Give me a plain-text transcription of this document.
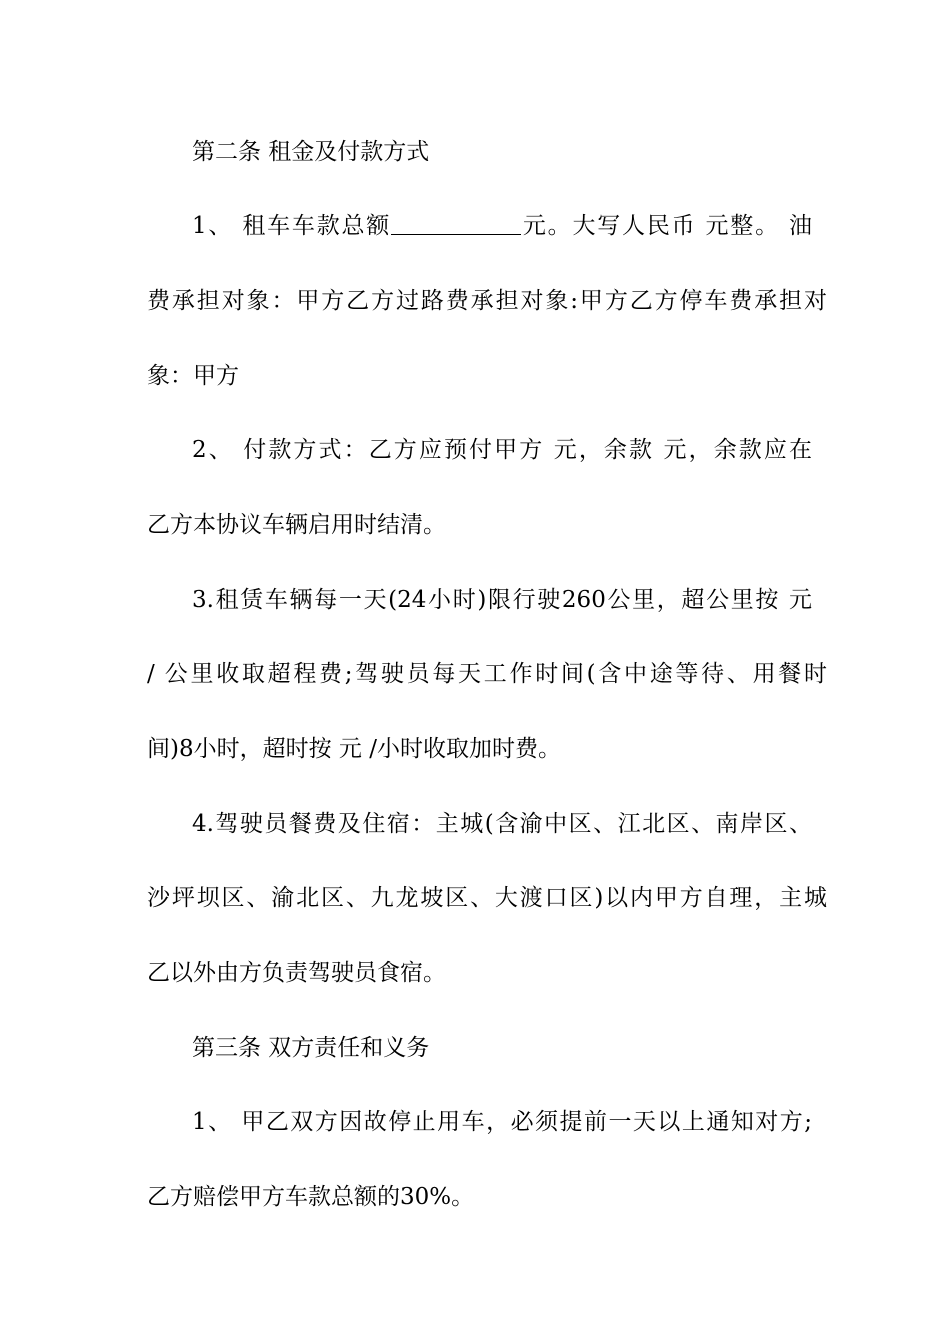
第二条 租金及付款方式
1、 租车车款总额	元。大写人民币 元整。 油
费承担对象：甲方乙方过路费承担对象:甲方乙方停车费承担对
象：甲方
2、 付款方式：乙方应预付甲方 元，余款 元，余款应在
乙方本协议车辆启用时结清。
3.租赁车辆每一天(24小时)限行驶260公里，超公里按 元
/ 公里收取超程费;驾驶员每天工作时间(含中途等待、用餐时
间)8小时，超时按 元 /小时收取加时费。
4.驾驶员餐费及住宿：主城(含渝中区、江北区、南岸区、
沙坪坝区、渝北区、九龙坡区、大渡口区)以内甲方自理，主城
乙以外由方负责驾驶员食宿。
第三条 双方责任和义务
1、 甲乙双方因故停止用车，必须提前一天以上通知对方;
乙方赔偿甲方车款总额的30%。
